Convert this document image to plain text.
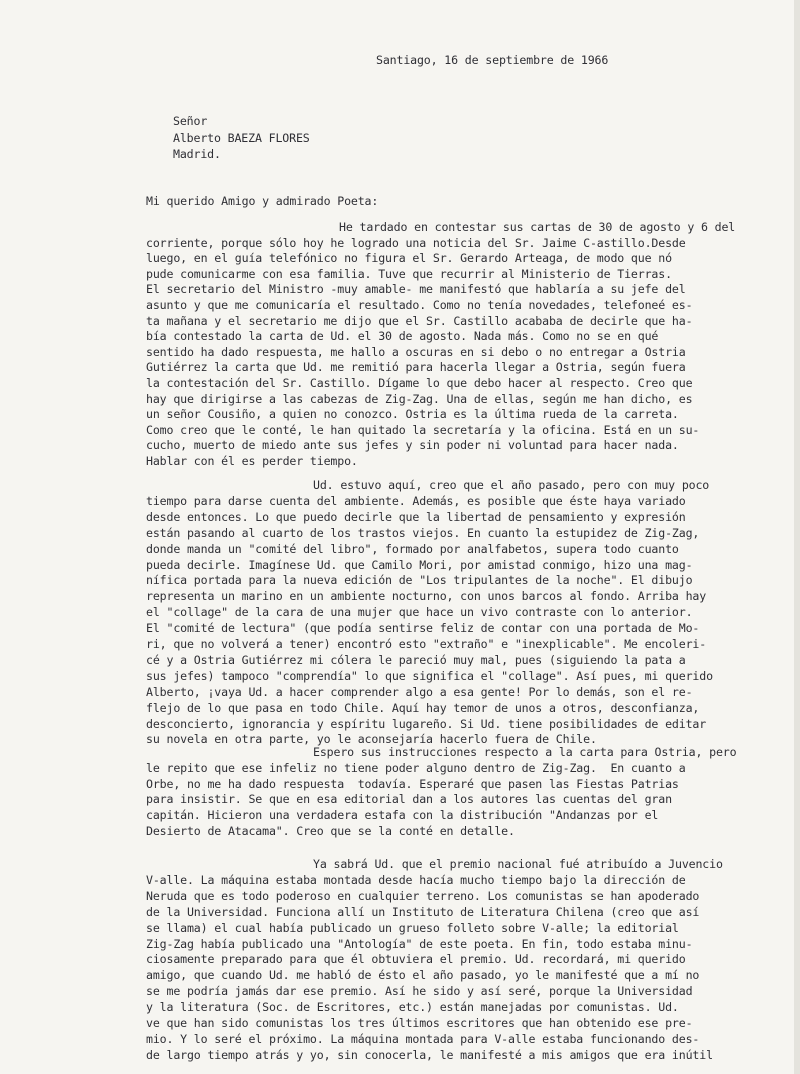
Santiago, 16 de septiembre de 1966
Señor
Alberto BAEZA FLORES
Madrid.
Mi querido Amigo y admirado Poeta:
He tardado en contestar sus cartas de 30 de agosto y 6 del
corriente, porque sólo hoy he logrado una noticia del Sr. Jaime C-astillo.Desde
luego, en el guía telefónico no figura el Sr. Gerardo Arteaga, de modo que nó
pude comunicarme con esa familia. Tuve que recurrir al Ministerio de Tierras.
El secretario del Ministro -muy amable- me manifestó que hablaría a su jefe del
asunto y que me comunicaría el resultado. Como no tenía novedades, telefoneé es-
ta mañana y el secretario me dijo que el Sr. Castillo acababa de decirle que ha-
bía contestado la carta de Ud. el 30 de agosto. Nada más. Como no se en qué
sentido ha dado respuesta, me hallo a oscuras en si debo o no entregar a Ostria
Gutiérrez la carta que Ud. me remitió para hacerla llegar a Ostria, según fuera
la contestación del Sr. Castillo. Dígame lo que debo hacer al respecto. Creo que
hay que dirigirse a las cabezas de Zig-Zag. Una de ellas, según me han dicho, es
un señor Cousiño, a quien no conozco. Ostria es la última rueda de la carreta.
Como creo que le conté, le han quitado la secretaría y la oficina. Está en un su-
cucho, muerto de miedo ante sus jefes y sin poder ni voluntad para hacer nada.
Hablar con él es perder tiempo.
Ud. estuvo aquí, creo que el año pasado, pero con muy poco
tiempo para darse cuenta del ambiente. Además, es posible que éste haya variado
desde entonces. Lo que puedo decirle que la libertad de pensamiento y expresión
están pasando al cuarto de los trastos viejos. En cuanto la estupidez de Zig-Zag,
donde manda un "comité del libro", formado por analfabetos, supera todo cuanto
pueda decirle. Imagínese Ud. que Camilo Mori, por amistad conmigo, hizo una mag-
nífica portada para la nueva edición de "Los tripulantes de la noche". El dibujo
representa un marino en un ambiente nocturno, con unos barcos al fondo. Arriba hay
el "collage" de la cara de una mujer que hace un vivo contraste con lo anterior.
El "comité de lectura" (que podía sentirse feliz de contar con una portada de Mo-
ri, que no volverá a tener) encontró esto "extraño" e "inexplicable". Me encoleri-
cé y a Ostria Gutiérrez mi cólera le pareció muy mal, pues (siguiendo la pata a
sus jefes) tampoco "comprendía" lo que significa el "collage". Así pues, mi querido
Alberto, ¡vaya Ud. a hacer comprender algo a esa gente! Por lo demás, son el re-
flejo de lo que pasa en todo Chile. Aquí hay temor de unos a otros, desconfianza,
desconcierto, ignorancia y espíritu lugareño. Si Ud. tiene posibilidades de editar
su novela en otra parte, yo le aconsejaría hacerlo fuera de Chile.
Espero sus instrucciones respecto a la carta para Ostria, pero
le repito que ese infeliz no tiene poder alguno dentro de Zig-Zag.  En cuanto a
Orbe, no me ha dado respuesta  todavía. Esperaré que pasen las Fiestas Patrias
para insistir. Se que en esa editorial dan a los autores las cuentas del gran
capitán. Hicieron una verdadera estafa con la distribución "Andanzas por el
Desierto de Atacama". Creo que se la conté en detalle.
Ya sabrá Ud. que el premio nacional fué atribuído a Juvencio
V-alle. La máquina estaba montada desde hacía mucho tiempo bajo la dirección de
Neruda que es todo poderoso en cualquier terreno. Los comunistas se han apoderado
de la Universidad. Funciona allí un Instituto de Literatura Chilena (creo que así
se llama) el cual había publicado un grueso folleto sobre V-alle; la editorial
Zig-Zag había publicado una "Antología" de este poeta. En fin, todo estaba minu-
ciosamente preparado para que él obtuviera el premio. Ud. recordará, mi querido
amigo, que cuando Ud. me habló de ésto el año pasado, yo le manifesté que a mí no
se me podría jamás dar ese premio. Así he sido y así seré, porque la Universidad
y la literatura (Soc. de Escritores, etc.) están manejadas por comunistas. Ud.
ve que han sido comunistas los tres últimos escritores que han obtenido ese pre-
mio. Y lo seré el próximo. La máquina montada para V-alle estaba funcionando des-
de largo tiempo atrás y yo, sin conocerla, le manifesté a mis amigos que era inútil
